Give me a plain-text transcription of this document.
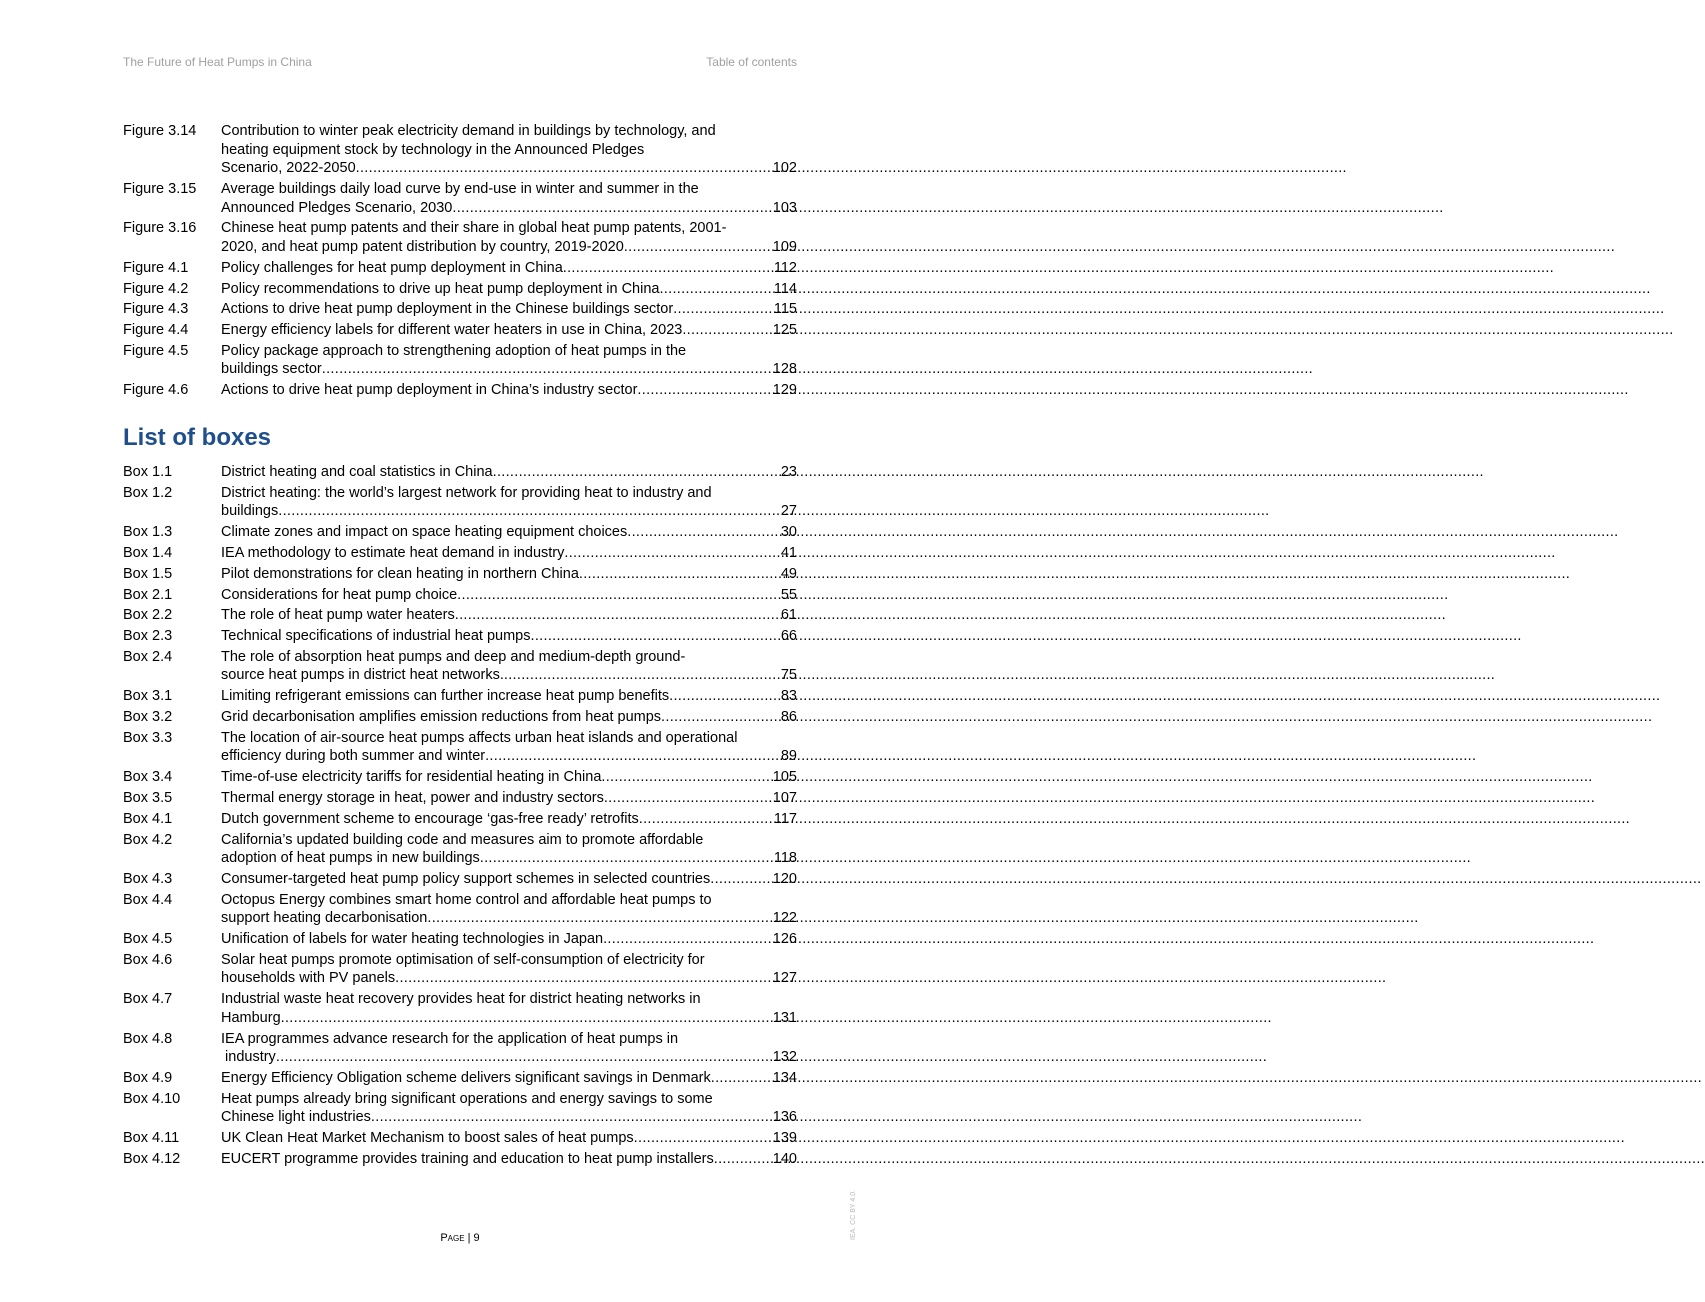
The Future of Heat Pumps in China	Table of contents
Figure 3.14	Contribution to winter peak electricity demand in buildings by technology, and
heating equipment stock by technology in the Announced Pledges
Scenario, 2022-2050 .....	102
Figure 3.15	Average buildings daily load curve by end-use in winter and summer in the
Announced Pledges Scenario, 2030 .....	103
Figure 3.16	Chinese heat pump patents and their share in global heat pump patents, 2001-
2020, and heat pump patent distribution by country, 2019-2020 .....	109
Figure 4.1	Policy challenges for heat pump deployment in China .....	112
Figure 4.2	Policy recommendations to drive up heat pump deployment in China .....	114
Figure 4.3	Actions to drive heat pump deployment in the Chinese buildings sector .....	115
Figure 4.4	Energy efficiency labels for different water heaters in use in China, 2023 .....	125
Figure 4.5	Policy package approach to strengthening adoption of heat pumps in the
buildings sector .....	128
Figure 4.6	Actions to drive heat pump deployment in China’s industry sector .....	129
List of boxes
Box 1.1	District heating and coal statistics in China .....	23
Box 1.2	District heating: the world’s largest network for providing heat to industry and
buildings .....	27
Box 1.3	Climate zones and impact on space heating equipment choices .....	30
Box 1.4	IEA methodology to estimate heat demand in industry .....	41
Box 1.5	Pilot demonstrations for clean heating in northern China .....	49
Box 2.1	Considerations for heat pump choice .....	55
Box 2.2	The role of heat pump water heaters .....	61
Box 2.3	Technical specifications of industrial heat pumps .....	66
Box 2.4	The role of absorption heat pumps and deep and medium-depth ground-
source heat pumps in district heat networks. .....	75
Box 3.1	Limiting refrigerant emissions can further increase heat pump benefits .....	83
Box 3.2	Grid decarbonisation amplifies emission reductions from heat pumps .....	86
Box 3.3	The location of air-source heat pumps affects urban heat islands and operational
efficiency during both summer and winter .....	89
Box 3.4	Time-of-use electricity tariffs for residential heating in China .....	105
Box 3.5	Thermal energy storage in heat, power and industry sectors .....	107
Box 4.1	Dutch government scheme to encourage ‘gas-free ready’ retrofits .....	117
Box 4.2	California’s updated building code and measures aim to promote affordable
adoption of heat pumps in new buildings .....	118
Box 4.3	Consumer-targeted heat pump policy support schemes in selected countries .....	120
Box 4.4	Octopus Energy combines smart home control and affordable heat pumps to
support heating decarbonisation .....	122
Box 4.5	Unification of labels for water heating technologies in Japan .....	126
Box 4.6	Solar heat pumps promote optimisation of self-consumption of electricity for
households with PV panels .....	127
Box 4.7	Industrial waste heat recovery provides heat for district heating networks in
Hamburg .....	131
Box 4.8	IEA programmes advance research for the application of heat pumps in
industry .....	132
Box 4.9	Energy Efficiency Obligation scheme delivers significant savings in Denmark .....	134
Box 4.10	Heat pumps already bring significant operations and energy savings to some
Chinese light industries .....	136
Box 4.11	UK Clean Heat Market Mechanism to boost sales of heat pumps .....	139
Box 4.12	EUCERT programme provides training and education to heat pump installers .....	140
Page | 9	IEA. CC BY 4.0.
